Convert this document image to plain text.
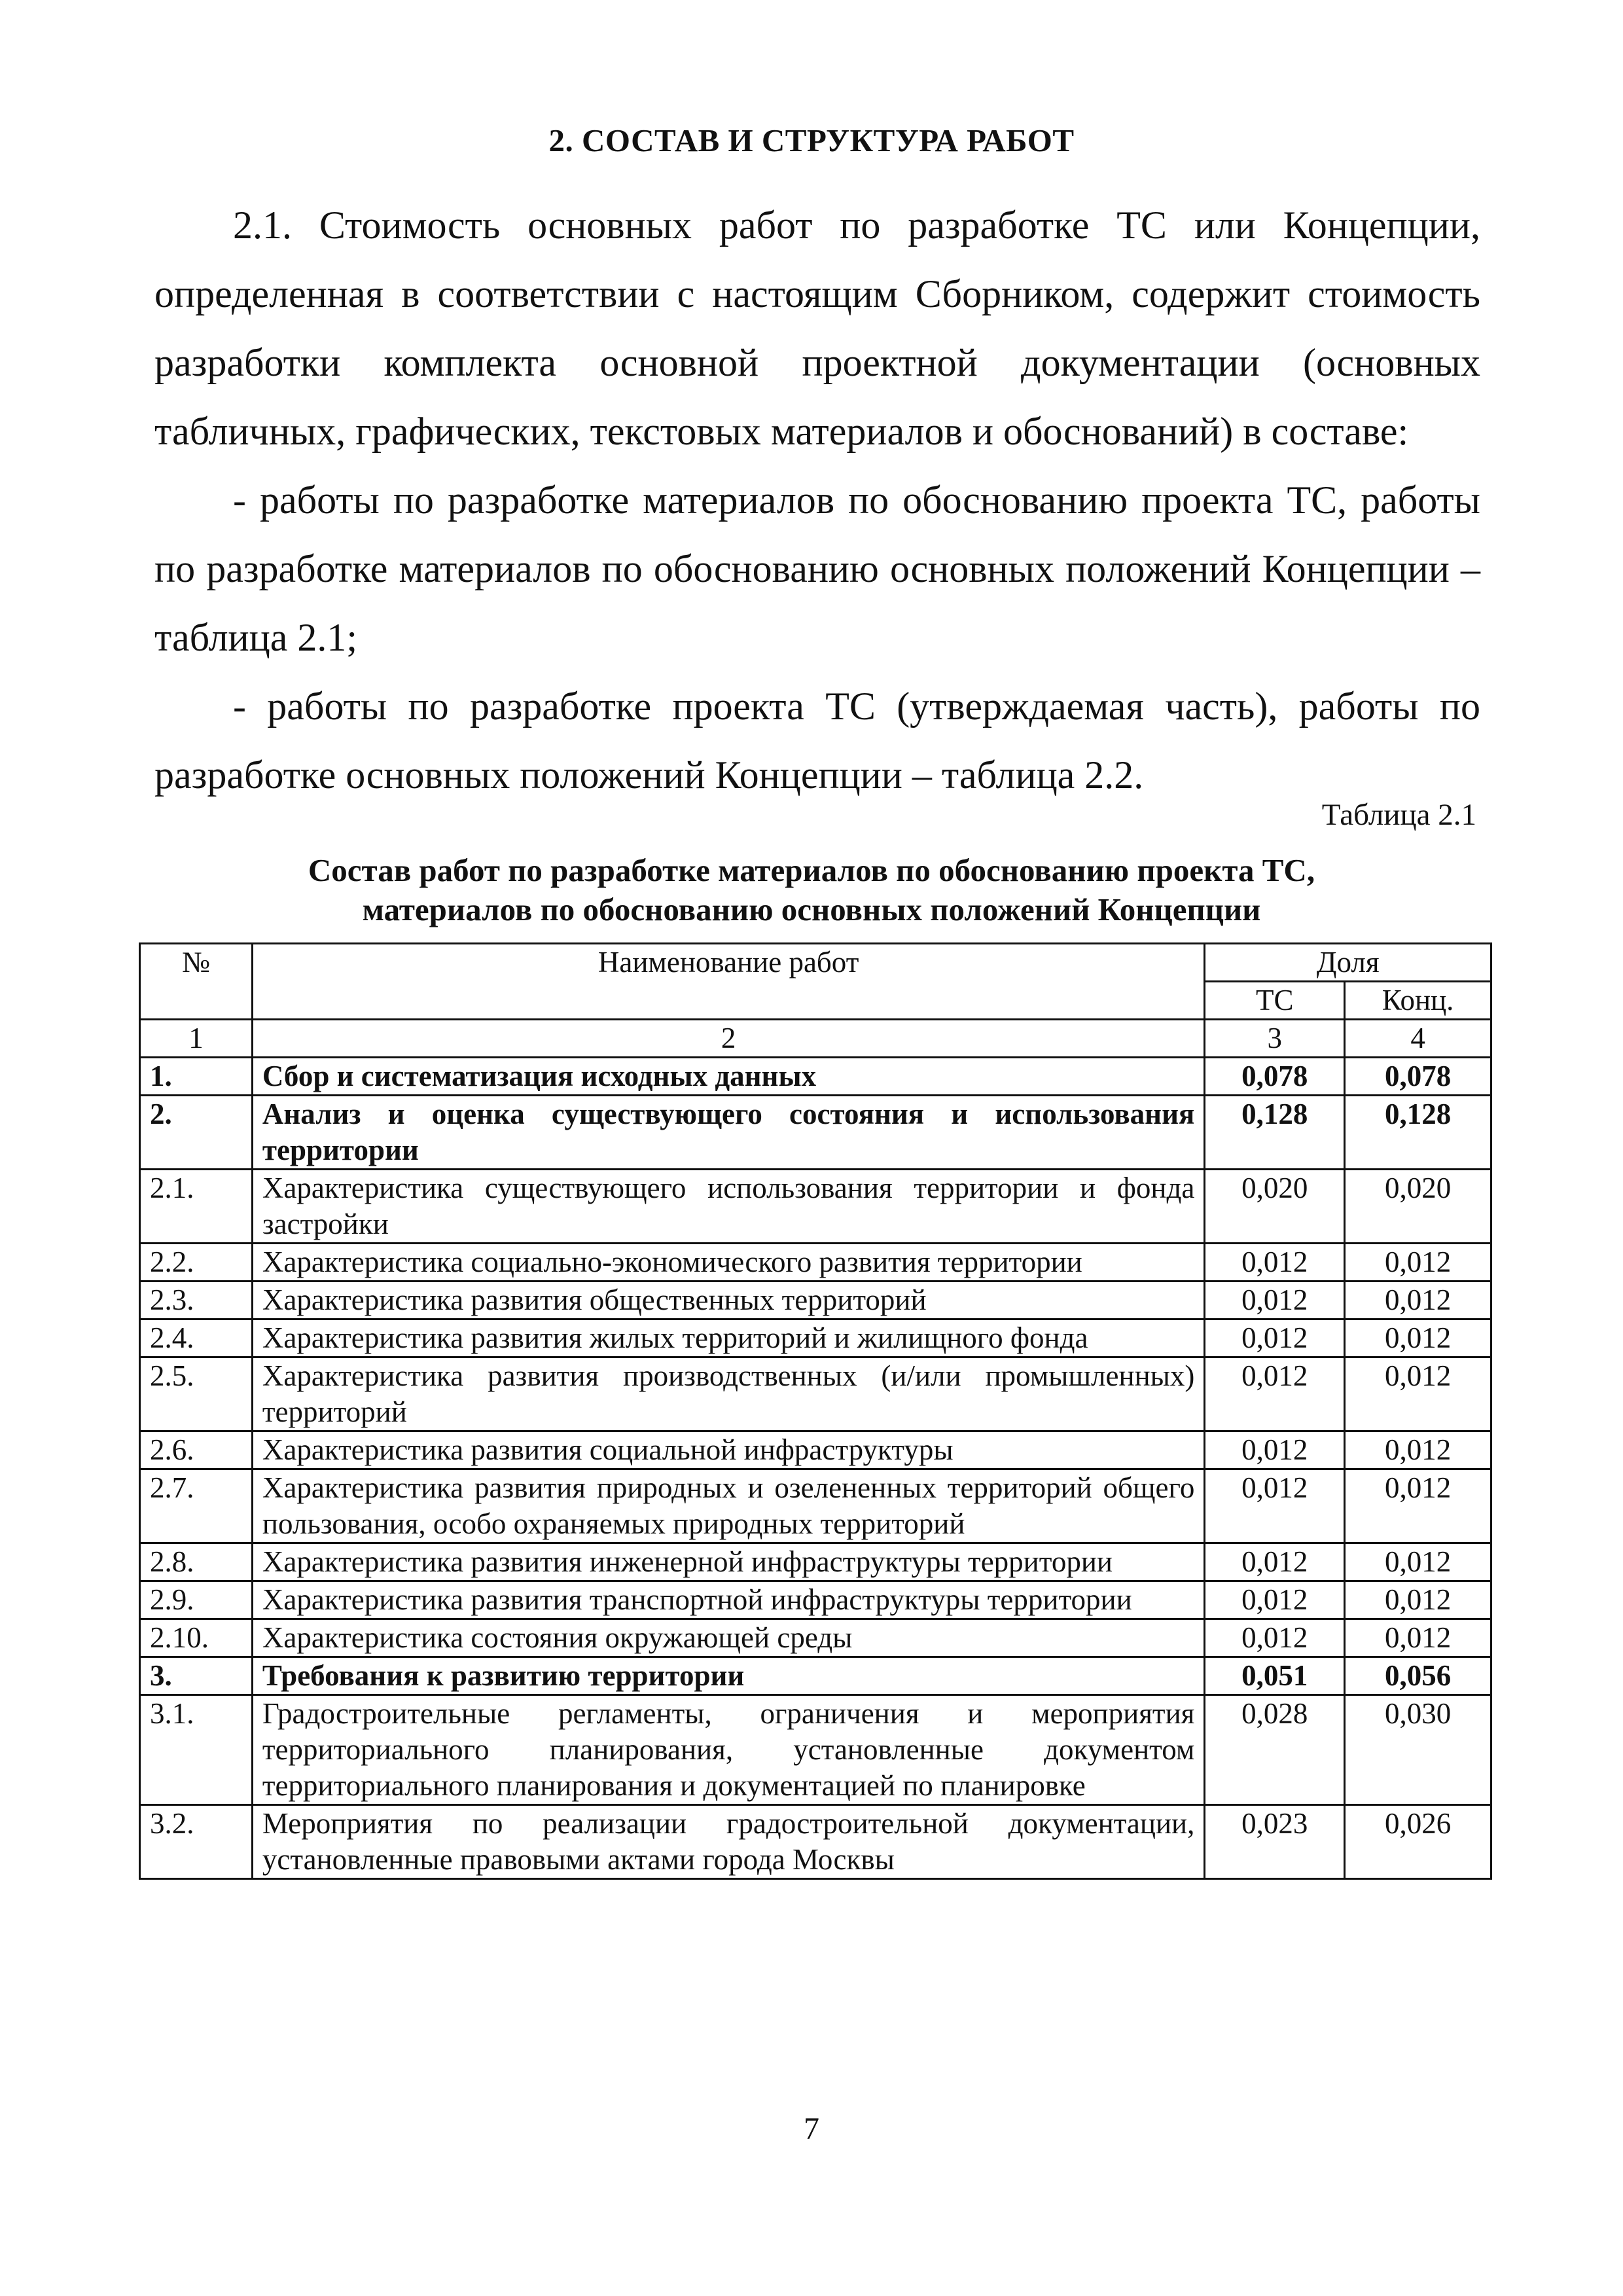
2. СОСТАВ И СТРУКТУРА РАБОТ
2.1. Стоимость основных работ по разработке ТС или Концепции, определенная в соответствии с настоящим Сборником, содержит стоимость разработки комплекта основной проектной документации (основных табличных, графических, текстовых материалов и обоснований) в составе:
- работы по разработке материалов по обоснованию проекта ТС, работы по разработке материалов по обоснованию основных положений Концепции – таблица 2.1;
- работы по разработке проекта ТС (утверждаемая часть), работы по разработке основных положений Концепции – таблица 2.2.
Таблица 2.1
Состав работ по разработке материалов по обоснованию проекта ТС,
материалов по обоснованию основных положений Концепции
№	Наименование работ	Доля	
		ТС	Конц.
1	2	3	4
1.	Сбор и систематизация исходных данных	0,078	0,078
2.	Анализ и оценка существующего состояния и использования территории	0,128	0,128
2.1.	Характеристика существующего использования территории и фонда застройки	0,020	0,020
2.2.	Характеристика социально-экономического развития территории	0,012	0,012
2.3.	Характеристика развития общественных территорий	0,012	0,012
2.4.	Характеристика развития жилых территорий и жилищного фонда	0,012	0,012
2.5.	Характеристика развития производственных (и/или промышленных) территорий	0,012	0,012
2.6.	Характеристика развития социальной инфраструктуры	0,012	0,012
2.7.	Характеристика развития природных и озелененных территорий общего пользования, особо охраняемых природных территорий	0,012	0,012
2.8.	Характеристика развития инженерной инфраструктуры территории	0,012	0,012
2.9.	Характеристика развития транспортной инфраструктуры территории	0,012	0,012
2.10.	Характеристика состояния окружающей среды	0,012	0,012
3.	Требования к развитию территории	0,051	0,056
3.1.	Градостроительные регламенты, ограничения и мероприятия территориального планирования, установленные документом территориального планирования и документацией по планировке	0,028	0,030
3.2.	Мероприятия по реализации градостроительной документации, установленные правовыми актами города Москвы	0,023	0,026
7
